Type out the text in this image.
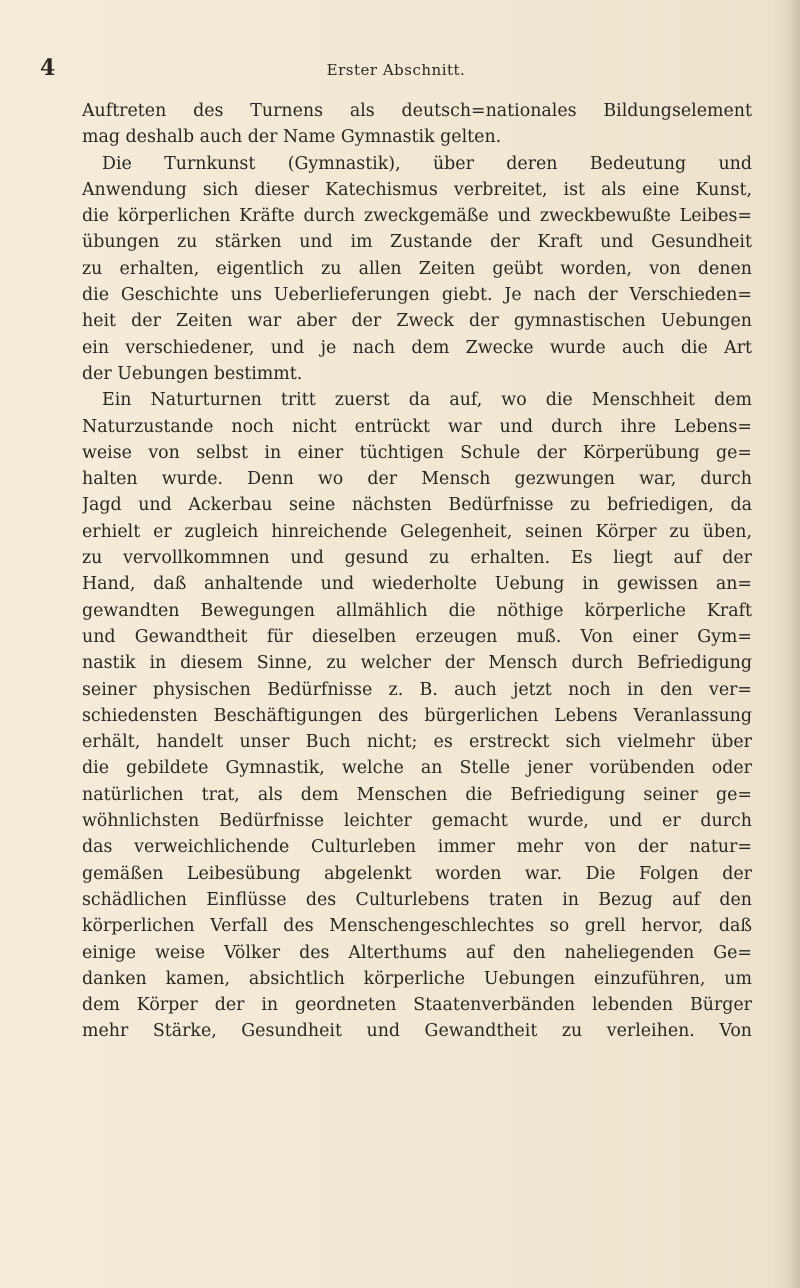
4	Erster Abschnitt.
Auftreten des Turnens als deutsch=nationales Bildungselement
mag deshalb auch der Name Gymnastik gelten.
Die Turnkunst (Gymnastik), über deren Bedeutung und
Anwendung sich dieser Katechismus verbreitet, ist als eine Kunst,
die körperlichen Kräfte durch zweckgemäße und zweckbewußte Leibes=
übungen zu stärken und im Zustande der Kraft und Gesundheit
zu erhalten, eigentlich zu allen Zeiten geübt worden, von denen
die Geschichte uns Ueberlieferungen giebt. Je nach der Verschieden=
heit der Zeiten war aber der Zweck der gymnastischen Uebungen
ein verschiedener, und je nach dem Zwecke wurde auch die Art
der Uebungen bestimmt.
Ein Naturturnen tritt zuerst da auf, wo die Menschheit dem
Naturzustande noch nicht entrückt war und durch ihre Lebens=
weise von selbst in einer tüchtigen Schule der Körperübung ge=
halten wurde. Denn wo der Mensch gezwungen war, durch
Jagd und Ackerbau seine nächsten Bedürfnisse zu befriedigen, da
erhielt er zugleich hinreichende Gelegenheit, seinen Körper zu üben,
zu vervollkommnen und gesund zu erhalten. Es liegt auf der
Hand, daß anhaltende und wiederholte Uebung in gewissen an=
gewandten Bewegungen allmählich die nöthige körperliche Kraft
und Gewandtheit für dieselben erzeugen muß. Von einer Gym=
nastik in diesem Sinne, zu welcher der Mensch durch Befriedigung
seiner physischen Bedürfnisse z. B. auch jetzt noch in den ver=
schiedensten Beschäftigungen des bürgerlichen Lebens Veranlassung
erhält, handelt unser Buch nicht; es erstreckt sich vielmehr über
die gebildete Gymnastik, welche an Stelle jener vorübenden oder
natürlichen trat, als dem Menschen die Befriedigung seiner ge=
wöhnlichsten Bedürfnisse leichter gemacht wurde, und er durch
das verweichlichende Culturleben immer mehr von der natur=
gemäßen Leibesübung abgelenkt worden war. Die Folgen der
schädlichen Einflüsse des Culturlebens traten in Bezug auf den
körperlichen Verfall des Menschengeschlechtes so grell hervor, daß
einige weise Völker des Alterthums auf den naheliegenden Ge=
danken kamen, absichtlich körperliche Uebungen einzuführen, um
dem Körper der in geordneten Staatenverbänden lebenden Bürger
mehr Stärke, Gesundheit und Gewandtheit zu verleihen. Von
